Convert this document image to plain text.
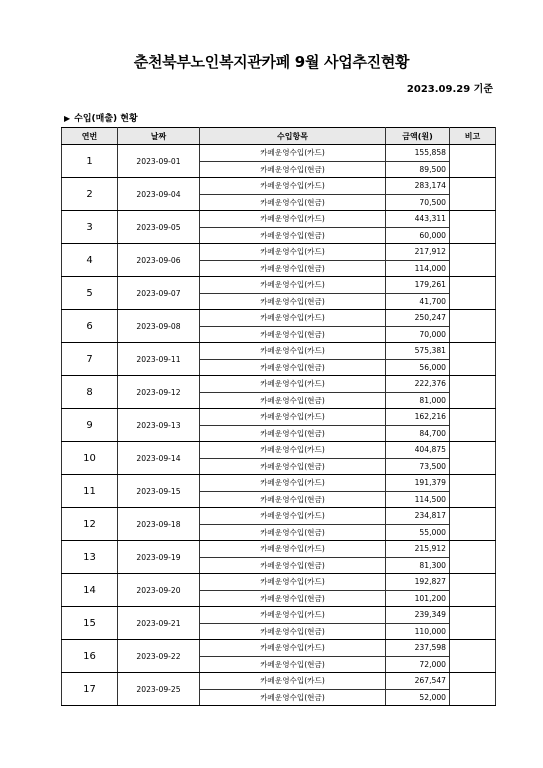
춘천북부노인복지관카페 9월 사업추진현황
2023.09.29 기준
▶ 수입(매출) 현황
연번	날짜	수입항목	금액(원)	비고
1	2023-09-01	카페운영수입(카드)	155,858	
		카페운영수입(현금)	89,500	
2	2023-09-04	카페운영수입(카드)	283,174	
		카페운영수입(현금)	70,500	
3	2023-09-05	카페운영수입(카드)	443,311	
		카페운영수입(현금)	60,000	
4	2023-09-06	카페운영수입(카드)	217,912	
		카페운영수입(현금)	114,000	
5	2023-09-07	카페운영수입(카드)	179,261	
		카페운영수입(현금)	41,700	
6	2023-09-08	카페운영수입(카드)	250,247	
		카페운영수입(현금)	70,000	
7	2023-09-11	카페운영수입(카드)	575,381	
		카페운영수입(현금)	56,000	
8	2023-09-12	카페운영수입(카드)	222,376	
		카페운영수입(현금)	81,000	
9	2023-09-13	카페운영수입(카드)	162,216	
		카페운영수입(현금)	84,700	
10	2023-09-14	카페운영수입(카드)	404,875	
		카페운영수입(현금)	73,500	
11	2023-09-15	카페운영수입(카드)	191,379	
		카페운영수입(현금)	114,500	
12	2023-09-18	카페운영수입(카드)	234,817	
		카페운영수입(현금)	55,000	
13	2023-09-19	카페운영수입(카드)	215,912	
		카페운영수입(현금)	81,300	
14	2023-09-20	카페운영수입(카드)	192,827	
		카페운영수입(현금)	101,200	
15	2023-09-21	카페운영수입(카드)	239,349	
		카페운영수입(현금)	110,000	
16	2023-09-22	카페운영수입(카드)	237,598	
		카페운영수입(현금)	72,000	
17	2023-09-25	카페운영수입(카드)	267,547	
		카페운영수입(현금)	52,000	
